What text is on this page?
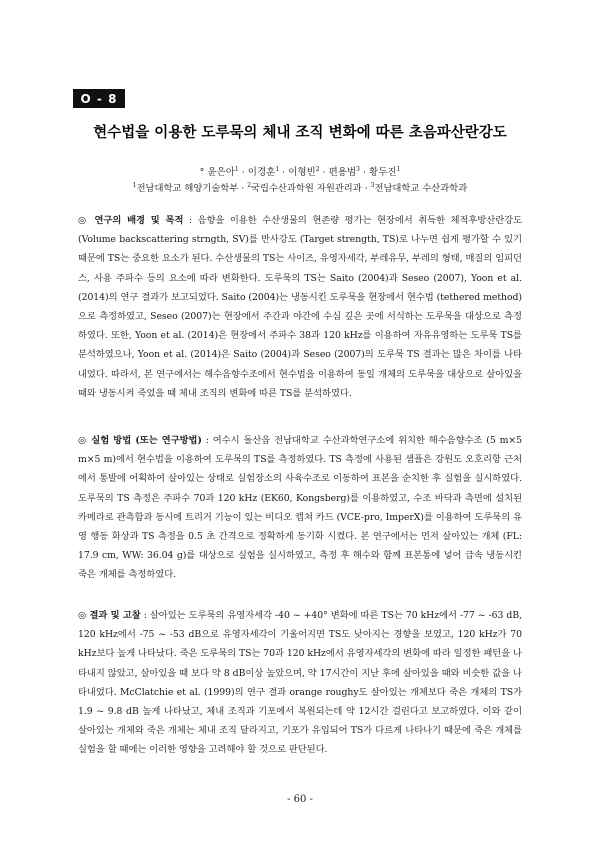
O - 8
현수법을 이용한 도루묵의 체내 조직 변화에 따른 초음파산란강도
° 윤은아$^1$ · 이경훈$^1$ · 이형빈$^2$ · 편용범$^3$ · 황두진$^1$
$^1$전남대학교 해양기술학부 · $^2$국립수산과학원 자원관리과 · $^3$전남대학교 수산과학과
◎ 연구의 배경 및 목적 : 음향을 이용한 수산생물의 현존량 평가는 현장에서 취득한 체적후방산란강도 (Volume backscattering strngth, SV)를 반사강도 (Target strength, TS)로 나누면 쉽게 평가할 수 있기 때문에 TS는 중요한 요소가 된다. 수산생물의 TS는 사이즈, 유영자세각, 부레유무, 부레의 형태, 매질의 임피던스, 사용 주파수 등의 요소에 따라 변화한다. 도루묵의 TS는 Saito (2004)과 Seseo (2007), Yoon et al. (2014)의 연구 결과가 보고되었다. Saito (2004)는 냉동시킨 도루묵을 현장에서 현수법 (tethered method)으로 측정하였고, Seseo (2007)는 현장에서 주간과 야간에 수심 깊은 곳에 서식하는 도루묵을 대상으로 측정하였다. 또한, Yoon et al. (2014)은 현장에서 주파수 38과 120 kHz를 이용하여 자유유영하는 도루묵 TS를 분석하였으나, Yoon et al. (2014)은 Saito (2004)과 Seseo (2007)의 도루묵 TS 결과는 많은 차이를 나타내었다. 따라서, 본 연구에서는 해수음향수조에서 현수법을 이용하여 동일 개체의 도루묵을 대상으로 살아있을 때와 냉동시켜 죽었을 때 체내 조직의 변화에 따른 TS를 분석하였다.
◎ 실험 방법 (또는 연구방법) : 여수시 돌산읍 전남대학교 수산과학연구소에 위치한 해수음향수조 (5 m×5 m×5 m)에서 현수법을 이용하여 도루묵의 TS를 측정하였다. TS 측정에 사용된 샘플은 강원도 오호리항 근처에서 통발에 어획하여 살아있는 상태로 실험장소의 사육수조로 이동하여 표본을 순치한 후 실험을 실시하였다. 도루묵의 TS 측정은 주파수 70과 120 kHz (EK60, Kongsberg)를 이용하였고, 수조 바닥과 측면에 설치된 카메라로 관측함과 동시에 트리거 기능이 있는 비디오 캡쳐 카드 (VCE-pro, ImperX)를 이용하여 도루묵의 유영 행동 화상과 TS 측정을 0.5 초 간격으로 정확하게 동기화 시켰다. 본 연구에서는 먼저 살아있는 개체 (FL: 17.9 cm, WW: 36.04 g)를 대상으로 실험을 실시하였고, 측정 후 해수와 함께 표본통에 넣어 급속 냉동시킨 죽은 개체를 측정하였다.
◎ 결과 및 고찰 : 살아있는 도루묵의 유영자세각 -40 ~ +40° 변화에 따른 TS는 70 kHz에서 -77 ~ -63 dB, 120 kHz에서 -75 ~ -53 dB으로 유영자세각이 기울어지면 TS도 낮아지는 경향을 보였고, 120 kHz가 70 kHz보다 높게 나타났다. 죽은 도루묵의 TS는 70과 120 kHz에서 유영자세각의 변화에 따라 일정한 패턴을 나타내지 않았고, 살아있을 때 보다 약 8 dB이상 높았으며, 약 17시간이 지난 후에 살아있을 때와 비슷한 값을 나타내었다. McClatchie et al. (1999)의 연구 결과 orange roughy도 살아있는 개체보다 죽은 개체의 TS가 1.9 ~ 9.8 dB 높게 나타났고, 체내 조직과 기포에서 복원되는데 약 12시간 걸린다고 보고하였다. 이와 같이 살아있는 개체와 죽은 개체는 체내 조직 달라지고, 기포가 유입되어 TS가 다르게 나타나기 때문에 죽은 개체를 실험을 할 때에는 이러한 영향을 고려해야 할 것으로 판단된다.
- 60 -
